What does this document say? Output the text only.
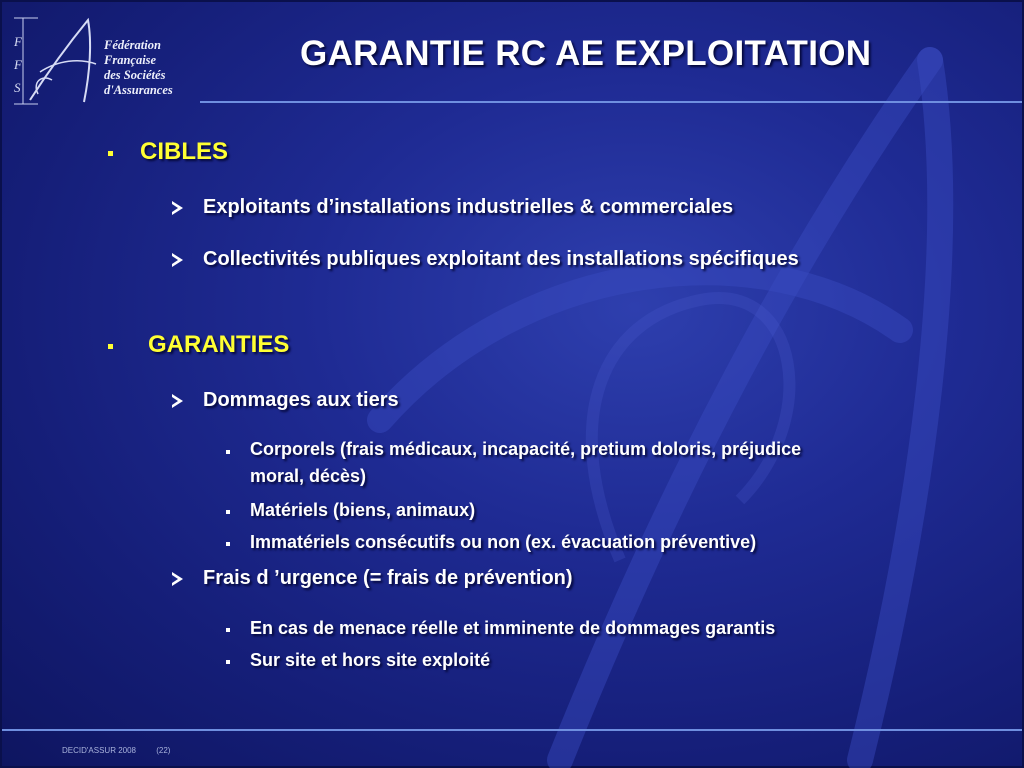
F
F
S
Fédération
Française
des Sociétés
d'Assurances
GARANTIE RC AE EXPLOITATION
CIBLES
Exploitants d’installations industrielles & commerciales
Collectivités publiques exploitant des installations spécifiques
GARANTIES
Dommages aux tiers
Corporels (frais médicaux, incapacité, pretium doloris, préjudice moral, décès)
Matériels (biens, animaux)
Immatériels consécutifs ou non (ex. évacuation préventive)
Frais d ’urgence (= frais de prévention)
En cas de menace réelle et imminente de dommages garantis
Sur site et hors site exploité
DECID'ASSUR 2008	(22)
